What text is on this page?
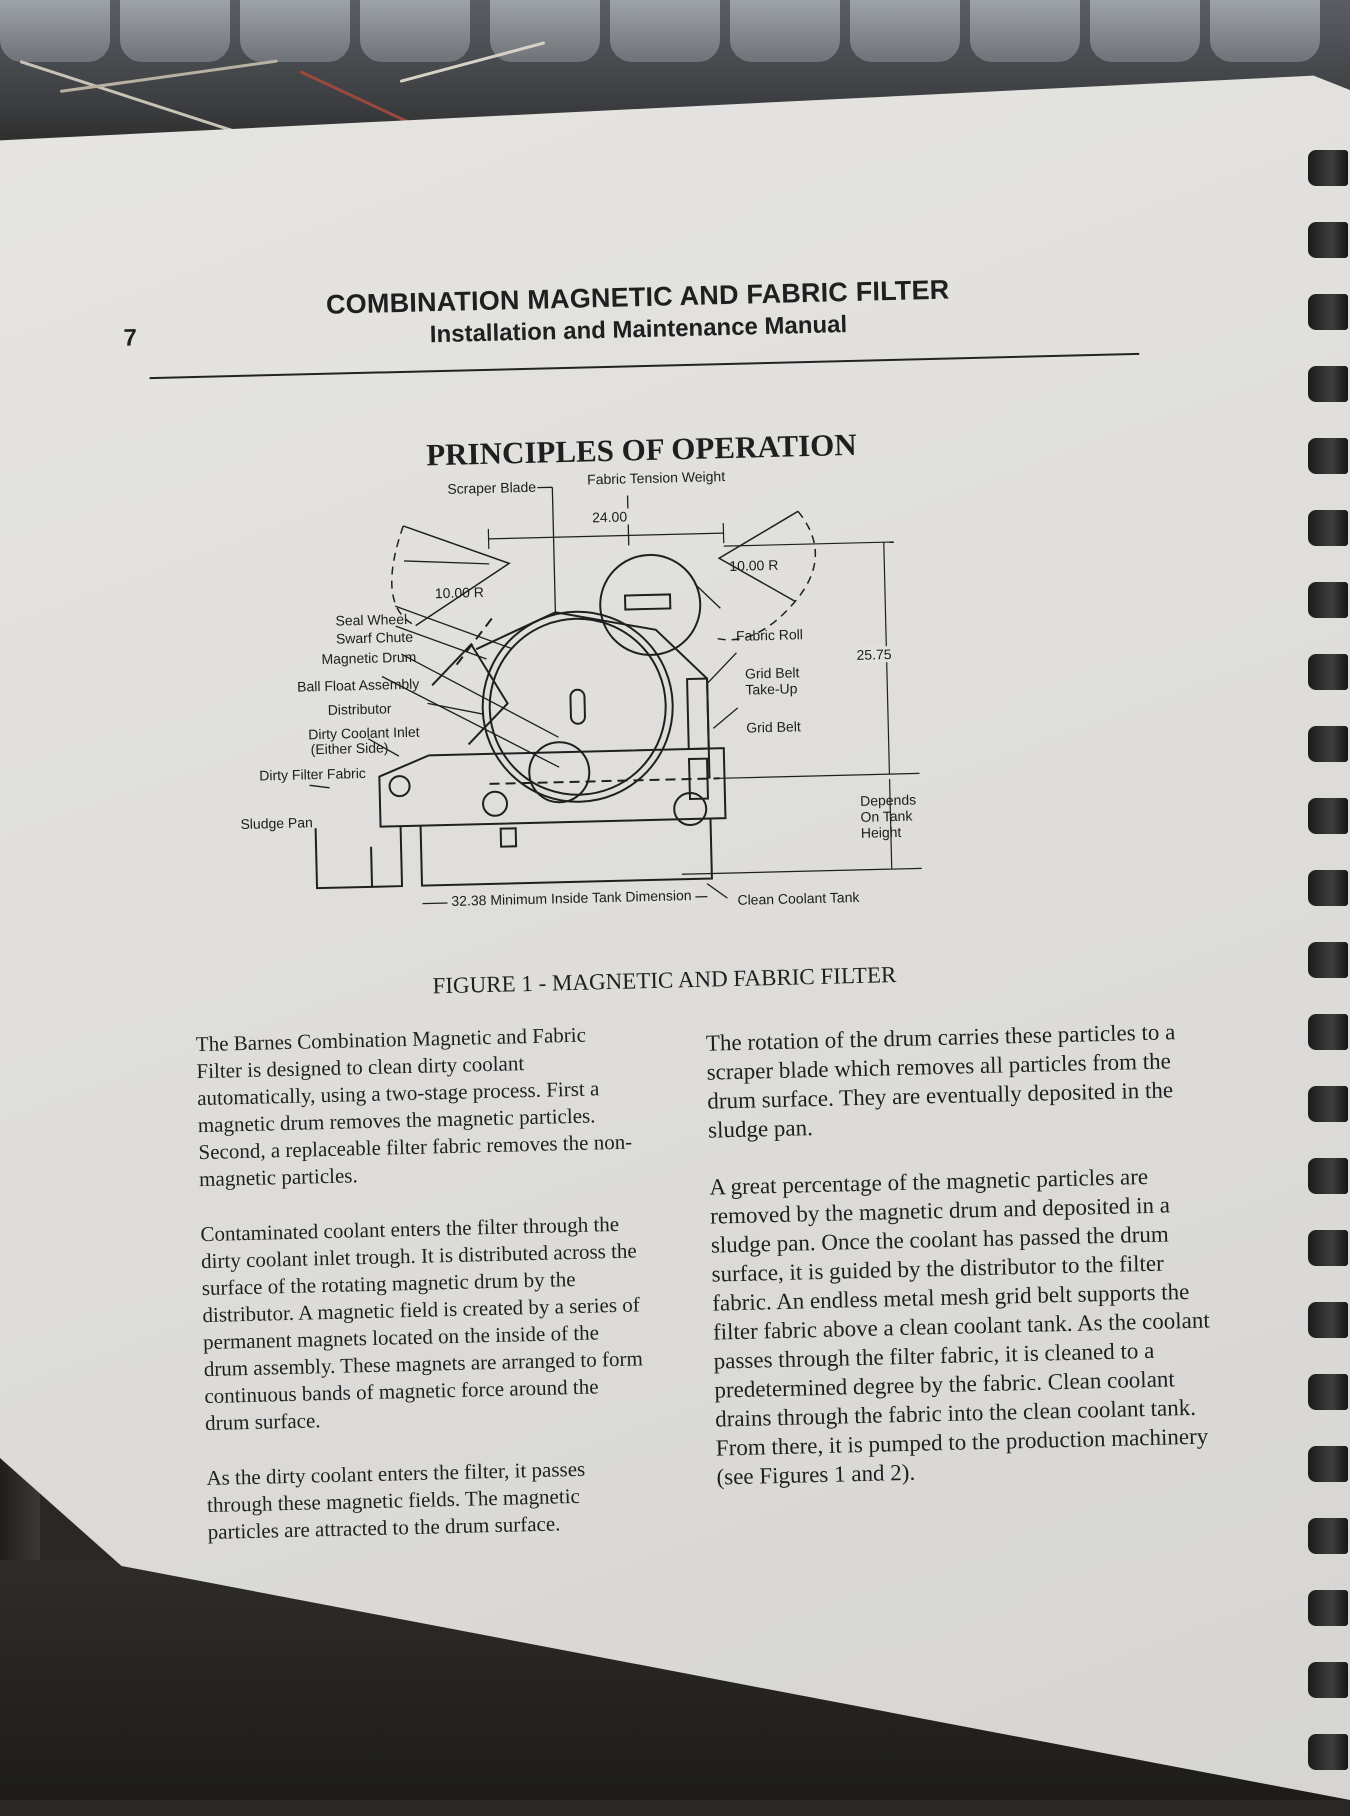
7
COMBINATION MAGNETIC AND FABRIC FILTER
Installation and Maintenance Manual
PRINCIPLES OF OPERATION
Scraper Blade
Fabric Tension Weight
24.00
10.00 R
10.00 R
Seal Wheel
Swarf Chute
Magnetic Drum
Ball Float Assembly
Distributor
Dirty Coolant Inlet
(Either Side)
Dirty Filter Fabric
Sludge Pan
Fabric Roll
25.75
Grid Belt
Take-Up
Grid Belt
Depends
On Tank
Height
32.38 Minimum Inside Tank Dimension	Clean Coolant Tank
FIGURE 1 - MAGNETIC AND FABRIC FILTER

The Barnes Combination Magnetic and Fabric Filter is designed to clean dirty coolant automatically, using a two-stage process. First a magnetic drum removes the magnetic particles. Second, a replaceable filter fabric removes the non-magnetic particles.

Contaminated coolant enters the filter through the dirty coolant inlet trough. It is distributed across the surface of the rotating magnetic drum by the distributor. A magnetic field is created by a series of permanent magnets located on the inside of the drum assembly. These magnets are arranged to form continuous bands of magnetic force around the drum surface.

As the dirty coolant enters the filter, it passes through these magnetic fields. The magnetic particles are attracted to the drum surface.

The rotation of the drum carries these particles to a scraper blade which removes all particles from the drum surface. They are eventually deposited in the sludge pan.

A great percentage of the magnetic particles are removed by the magnetic drum and deposited in a sludge pan. Once the coolant has passed the drum surface, it is guided by the distributor to the filter fabric. An endless metal mesh grid belt supports the filter fabric above a clean coolant tank. As the coolant passes through the filter fabric, it is cleaned to a predetermined degree by the fabric. Clean coolant drains through the fabric into the clean coolant tank. From there, it is pumped to the production machinery (see Figures 1 and 2).
